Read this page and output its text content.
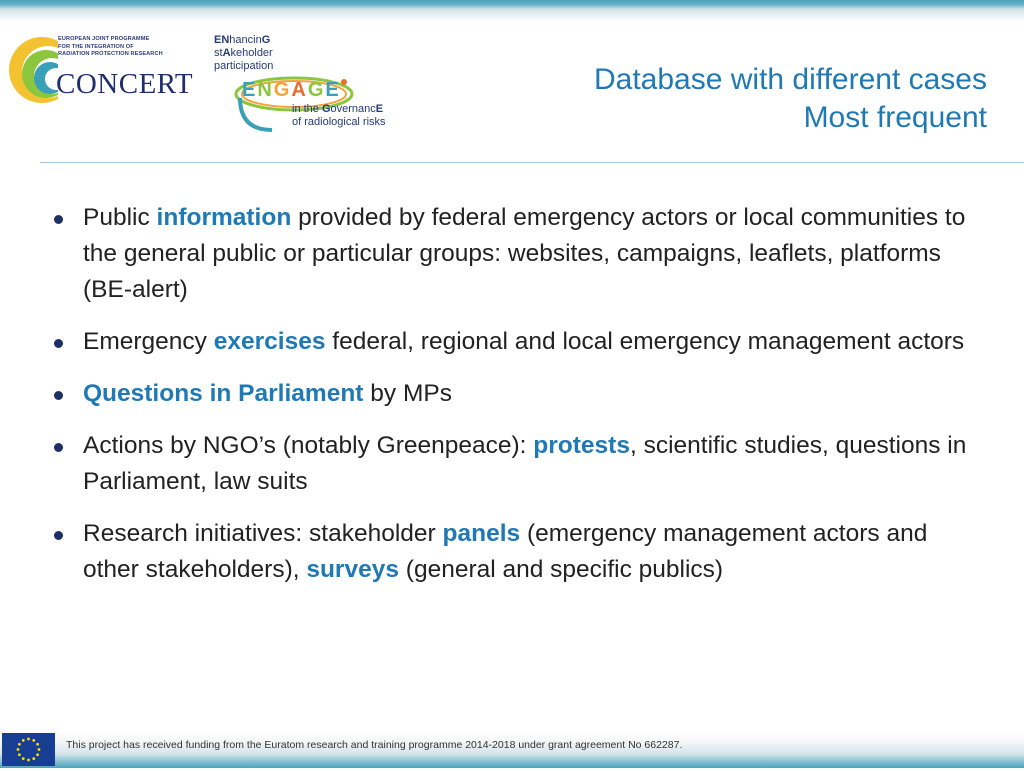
EUROPEAN JOINT PROGRAMME
FOR THE INTEGRATION OF
RADIATION PROTECTION RESEARCH
CONCERT
ENhancinG
stAkeholder
participation
ENGAGE
in the GovernancE
of radiological risks
Database with different cases
Most frequent
Public information provided by federal emergency actors or local communities to the general public or particular groups: websites, campaigns, leaflets, platforms (BE-alert)
Emergency exercises federal, regional and local emergency management actors
Questions in Parliament by MPs
Actions by NGO’s (notably Greenpeace): protests, scientific studies, questions in Parliament, law suits
Research initiatives: stakeholder panels (emergency management actors and other stakeholders), surveys (general and specific publics)
This project has received funding from the Euratom research and training programme 2014-2018 under grant agreement No 662287.
